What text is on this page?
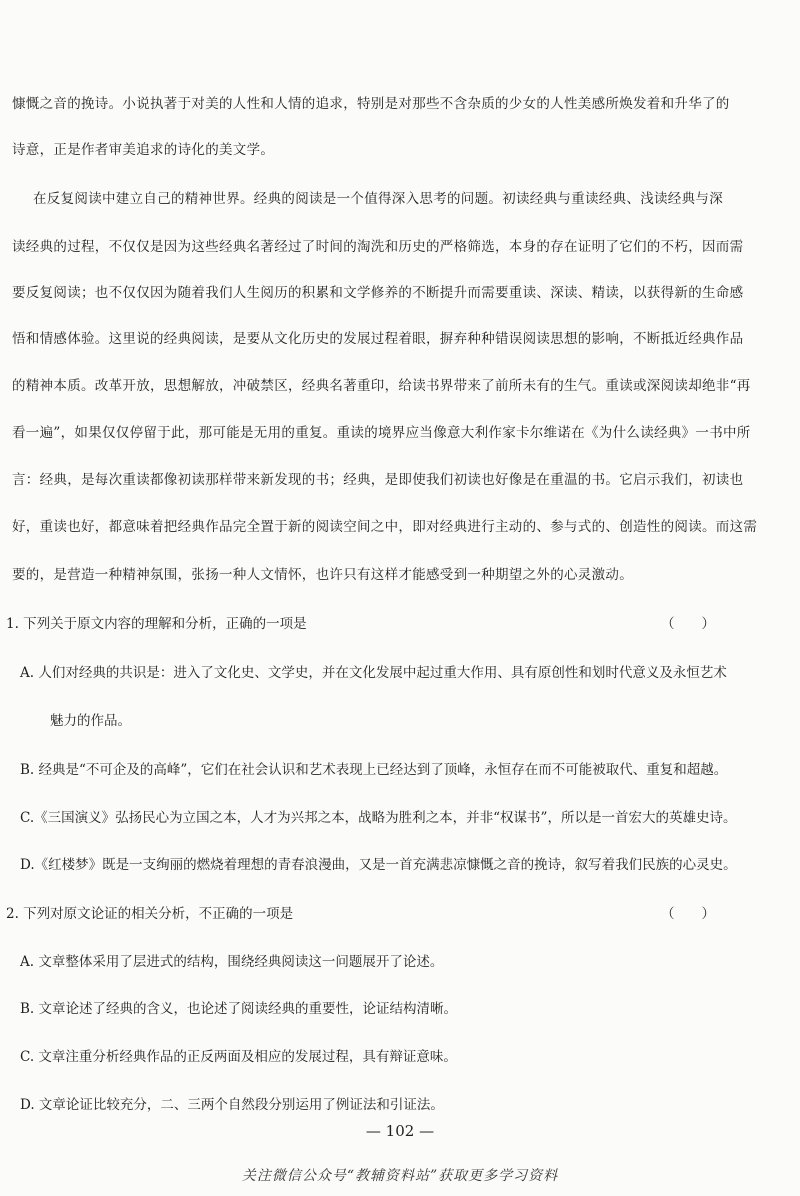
慷慨之音的挽诗。小说执著于对美的人性和人情的追求，特别是对那些不含杂质的少女的人性美感所焕发着和升华了的
诗意，正是作者审美追求的诗化的美文学。
在反复阅读中建立自己的精神世界。经典的阅读是一个值得深入思考的问题。初读经典与重读经典、浅读经典与深
读经典的过程，不仅仅是因为这些经典名著经过了时间的淘洗和历史的严格筛选，本身的存在证明了它们的不朽，因而需
要反复阅读；也不仅仅因为随着我们人生阅历的积累和文学修养的不断提升而需要重读、深读、精读，以获得新的生命感
悟和情感体验。这里说的经典阅读，是要从文化历史的发展过程着眼，摒弃种种错误阅读思想的影响，不断抵近经典作品
的精神本质。改革开放，思想解放，冲破禁区，经典名著重印，给读书界带来了前所未有的生气。重读或深阅读却绝非“再
看一遍”，如果仅仅停留于此，那可能是无用的重复。重读的境界应当像意大利作家卡尔维诺在《为什么读经典》一书中所
言：经典，是每次重读都像初读那样带来新发现的书；经典，是即使我们初读也好像是在重温的书。它启示我们，初读也
好，重读也好，都意味着把经典作品完全置于新的阅读空间之中，即对经典进行主动的、参与式的、创造性的阅读。而这需
要的，是营造一种精神氛围，张扬一种人文情怀，也许只有这样才能感受到一种期望之外的心灵激动。
1. 下列关于原文内容的理解和分析，正确的一项是	（　　）
A. 人们对经典的共识是：进入了文化史、文学史，并在文化发展中起过重大作用、具有原创性和划时代意义及永恒艺术
魅力的作品。
B. 经典是“不可企及的高峰”，它们在社会认识和艺术表现上已经达到了顶峰，永恒存在而不可能被取代、重复和超越。
C.《三国演义》弘扬民心为立国之本，人才为兴邦之本，战略为胜利之本，并非“权谋书”，所以是一首宏大的英雄史诗。
D.《红楼梦》既是一支绚丽的燃烧着理想的青春浪漫曲，又是一首充满悲凉慷慨之音的挽诗，叙写着我们民族的心灵史。
2. 下列对原文论证的相关分析，不正确的一项是	（　　）
A. 文章整体采用了层进式的结构，围绕经典阅读这一问题展开了论述。
B. 文章论述了经典的含义，也论述了阅读经典的重要性，论证结构清晰。
C. 文章注重分析经典作品的正反两面及相应的发展过程，具有辩证意味。
D. 文章论证比较充分，二、三两个自然段分别运用了例证法和引证法。
— 102 —
关注微信公众号“教辅资料站”获取更多学习资料
